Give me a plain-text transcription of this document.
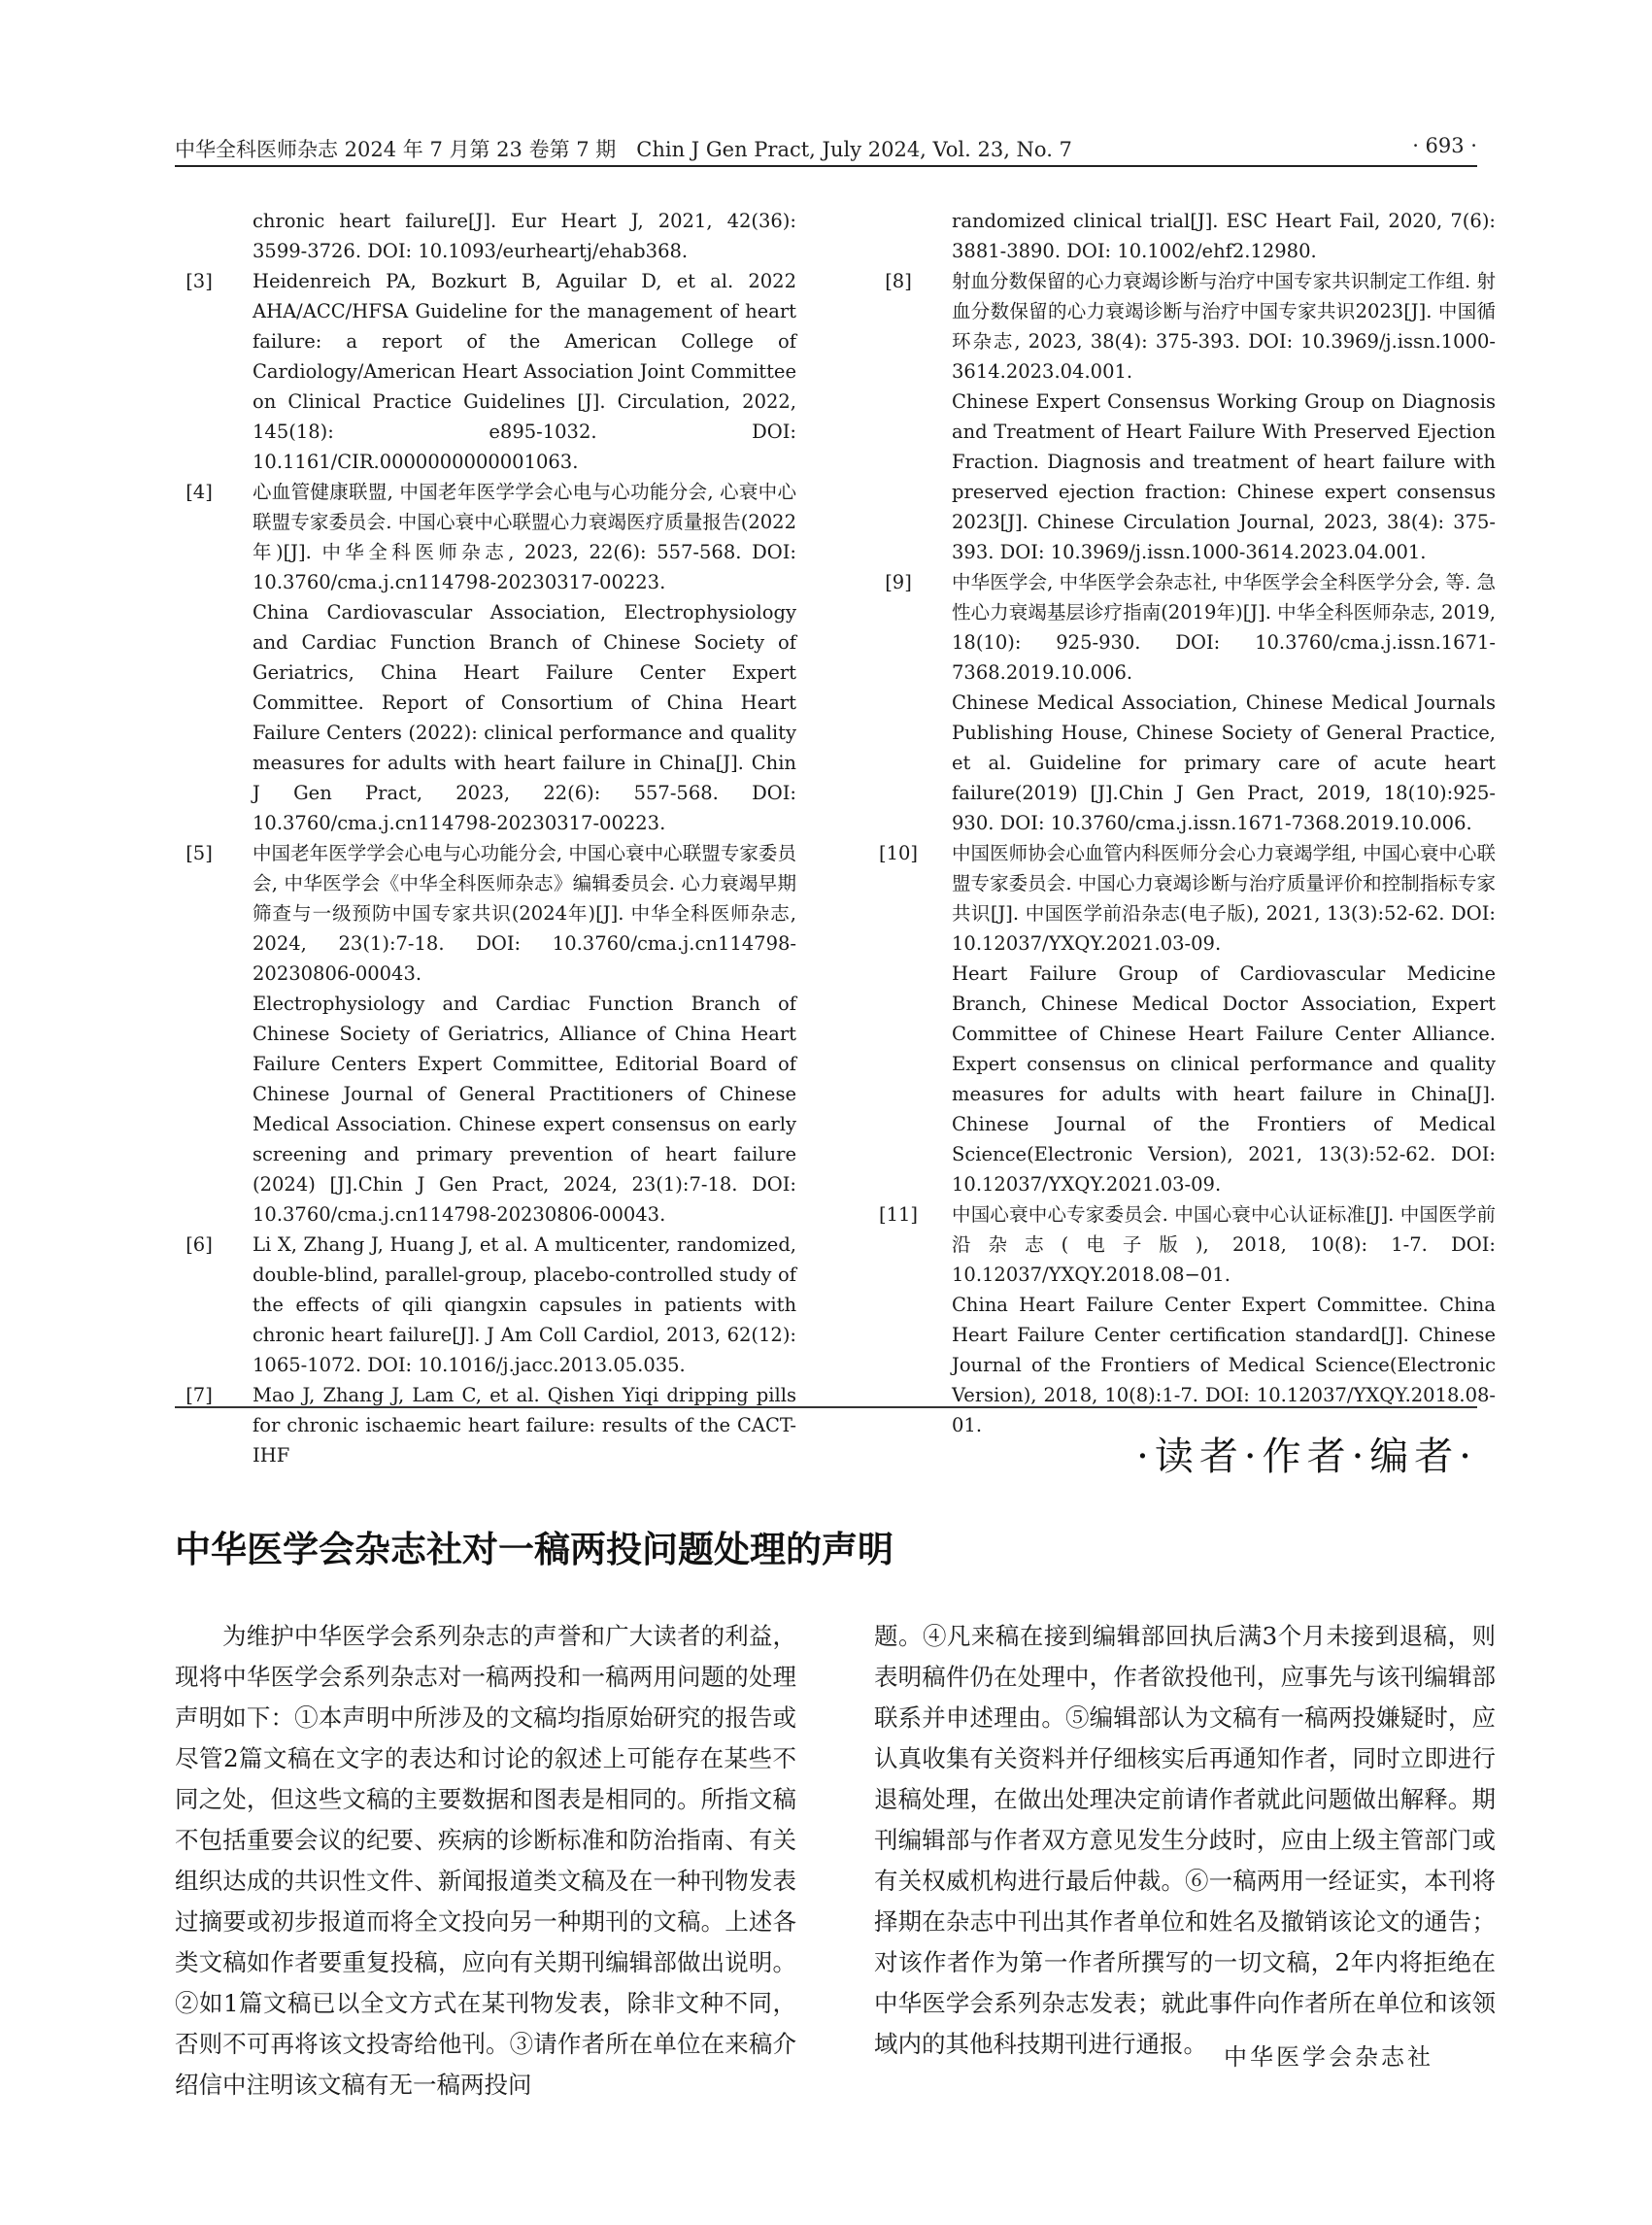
中华全科医师杂志 2024 年 7 月第 23 卷第 7 期　Chin J Gen Pract, July 2024, Vol. 23, No. 7	· 693 ·

chronic heart failure[J]. Eur Heart J, 2021, 42(36): 3599-3726. DOI: 10.1093/eurheartj/ehab368.

[3]	Heidenreich PA, Bozkurt B, Aguilar D, et al. 2022 AHA/ACC/HFSA Guideline for the management of heart failure: a report of the American College of Cardiology/American Heart Association Joint Committee on Clinical Practice Guidelines [J]. Circulation, 2022, 145(18): e895-1032. DOI: 10.1161/CIR.0000000000001063.

[4]	心血管健康联盟, 中国老年医学学会心电与心功能分会, 心衰中心联盟专家委员会. 中国心衰中心联盟心力衰竭医疗质量报告(2022年)[J]. 中华全科医师杂志, 2023, 22(6): 557-568. DOI: 10.3760/cma.j.cn114798-20230317-00223.

China Cardiovascular Association, Electrophysiology and Cardiac Function Branch of Chinese Society of Geriatrics, China Heart Failure Center Expert Committee. Report of Consortium of China Heart Failure Centers (2022): clinical performance and quality measures for adults with heart failure in China[J]. Chin J Gen Pract, 2023, 22(6): 557-568. DOI: 10.3760/cma.j.cn114798-20230317-00223.

[5]	中国老年医学学会心电与心功能分会, 中国心衰中心联盟专家委员会, 中华医学会《中华全科医师杂志》编辑委员会. 心力衰竭早期筛查与一级预防中国专家共识(2024年)[J]. 中华全科医师杂志, 2024, 23(1):7-18. DOI: 10.3760/cma.j.cn114798-20230806-00043.

Electrophysiology and Cardiac Function Branch of Chinese Society of Geriatrics, Alliance of China Heart Failure Centers Expert Committee, Editorial Board of Chinese Journal of General Practitioners of Chinese Medical Association. Chinese expert consensus on early screening and primary prevention of heart failure (2024) [J].Chin J Gen Pract, 2024, 23(1):7-18. DOI: 10.3760/cma.j.cn114798-20230806-00043.

[6]	Li X, Zhang J, Huang J, et al. A multicenter, randomized, double-blind, parallel-group, placebo-controlled study of the effects of qili qiangxin capsules in patients with chronic heart failure[J]. J Am Coll Cardiol, 2013, 62(12): 1065-1072. DOI: 10.1016/j.jacc.2013.05.035.

[7]	Mao J, Zhang J, Lam C, et al. Qishen Yiqi dripping pills for chronic ischaemic heart failure: results of the CACT-IHF

randomized clinical trial[J]. ESC Heart Fail, 2020, 7(6): 3881-3890. DOI: 10.1002/ehf2.12980.

[8]	射血分数保留的心力衰竭诊断与治疗中国专家共识制定工作组. 射血分数保留的心力衰竭诊断与治疗中国专家共识2023[J]. 中国循环杂志, 2023, 38(4): 375-393. DOI: 10.3969/j.issn.1000-3614.2023.04.001.

Chinese Expert Consensus Working Group on Diagnosis and Treatment of Heart Failure With Preserved Ejection Fraction. Diagnosis and treatment of heart failure with preserved ejection fraction: Chinese expert consensus 2023[J]. Chinese Circulation Journal, 2023, 38(4): 375-393. DOI: 10.3969/j.issn.1000-3614.2023.04.001.

[9]	中华医学会, 中华医学会杂志社, 中华医学会全科医学分会, 等. 急性心力衰竭基层诊疗指南(2019年)[J]. 中华全科医师杂志, 2019, 18(10): 925-930. DOI: 10.3760/cma.j.issn.1671-7368.2019.10.006.

Chinese Medical Association, Chinese Medical Journals Publishing House, Chinese Society of General Practice, et al. Guideline for primary care of acute heart failure(2019) [J].Chin J Gen Pract, 2019, 18(10):925-930. DOI: 10.3760/cma.j.issn.1671-7368.2019.10.006.

[10] 中国医师协会心血管内科医师分会心力衰竭学组, 中国心衰中心联盟专家委员会. 中国心力衰竭诊断与治疗质量评价和控制指标专家共识[J]. 中国医学前沿杂志(电子版), 2021, 13(3):52-62. DOI: 10.12037/YXQY.2021.03-09.

Heart Failure Group of Cardiovascular Medicine Branch, Chinese Medical Doctor Association, Expert Committee of Chinese Heart Failure Center Alliance. Expert consensus on clinical performance and quality measures for adults with heart failure in China[J]. Chinese Journal of the Frontiers of Medical Science(Electronic Version), 2021, 13(3):52-62. DOI: 10.12037/YXQY.2021.03-09.

[11] 中国心衰中心专家委员会. 中国心衰中心认证标准[J]. 中国医学前沿杂志(电子版), 2018, 10(8): 1-7. DOI: 10.12037/YXQY.2018.08−01.

China Heart Failure Center Expert Committee. China Heart Failure Center certification standard[J]. Chinese Journal of the Frontiers of Medical Science(Electronic Version), 2018, 10(8):1-7. DOI: 10.12037/YXQY.2018.08-01.

·读者·作者·编者·
中华医学会杂志社对一稿两投问题处理的声明
为维护中华医学会系列杂志的声誉和广大读者的利益，现将中华医学会系列杂志对一稿两投和一稿两用问题的处理声明如下：①本声明中所涉及的文稿均指原始研究的报告或尽管2篇文稿在文字的表达和讨论的叙述上可能存在某些不同之处，但这些文稿的主要数据和图表是相同的。所指文稿不包括重要会议的纪要、疾病的诊断标准和防治指南、有关组织达成的共识性文件、新闻报道类文稿及在一种刊物发表过摘要或初步报道而将全文投向另一种期刊的文稿。上述各类文稿如作者要重复投稿，应向有关期刊编辑部做出说明。②如1篇文稿已以全文方式在某刊物发表，除非文种不同，否则不可再将该文投寄给他刊。③请作者所在单位在来稿介绍信中注明该文稿有无一稿两投问
题。④凡来稿在接到编辑部回执后满3个月未接到退稿，则表明稿件仍在处理中，作者欲投他刊，应事先与该刊编辑部联系并申述理由。⑤编辑部认为文稿有一稿两投嫌疑时，应认真收集有关资料并仔细核实后再通知作者，同时立即进行退稿处理，在做出处理决定前请作者就此问题做出解释。期刊编辑部与作者双方意见发生分歧时，应由上级主管部门或有关权威机构进行最后仲裁。⑥一稿两用一经证实，本刊将择期在杂志中刊出其作者单位和姓名及撤销该论文的通告；对该作者作为第一作者所撰写的一切文稿，2年内将拒绝在中华医学会系列杂志发表；就此事件向作者所在单位和该领域内的其他科技期刊进行通报。 中华医学会杂志社
